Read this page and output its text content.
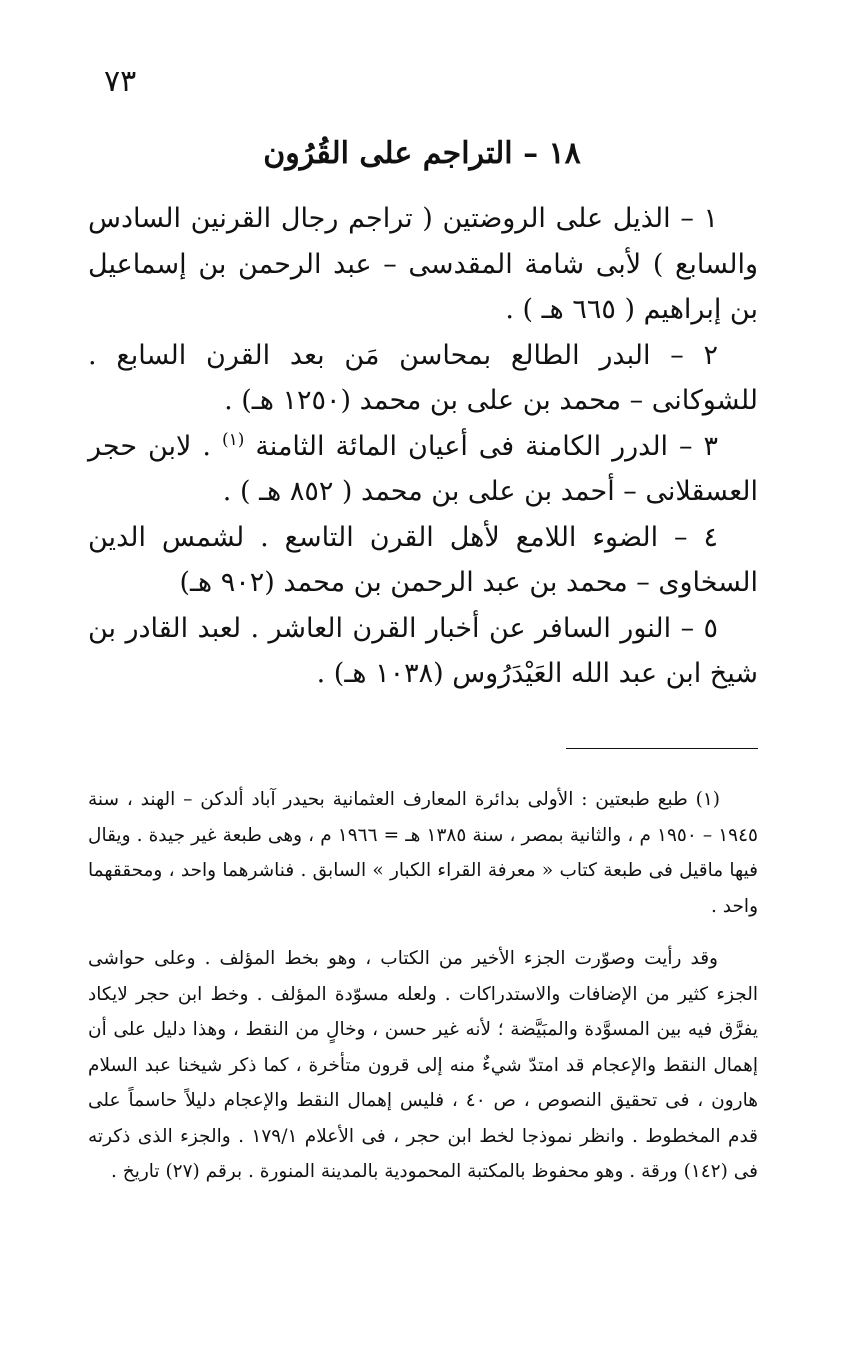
٧٣
١٨ – التراجم على القُرُون

١ – الذيل على الروضتين ( تراجم رجال القرنين السادس والسابع ) لأبى شامة المقدسى – عبد الرحمن بن إسماعيل بن إبراهيم ( ٦٦٥ هـ ) .

٢ – البدر الطالع بمحاسن مَن بعد القرن السابع . للشوكانى – محمد بن على بن محمد (١٢٥٠ هـ) .

٣ – الدرر الكامنة فى أعيان المائة الثامنة $^{(١)}$ . لابن حجر العسقلانى – أحمد بن على بن محمد ( ٨٥٢ هـ ) .

٤ – الضوء اللامع لأهل القرن التاسع . لشمس الدين السخاوى – محمد بن عبد الرحمن بن محمد (٩٠٢ هـ)

٥ – النور السافر عن أخبار القرن العاشر . لعبد القادر بن شيخ ابن عبد الله العَيْدَرُوس (١٠٣٨ هـ) .

(١) طبع طبعتين : الأولى بدائرة المعارف العثمانية بحيدر آباد ألدكن – الهند ، سنة ١٩٤٥ – ١٩٥٠ م ، والثانية بمصر ، سنة ١٣٨٥ هـ = ١٩٦٦ م ، وهى طبعة غير جيدة . ويقال فيها ماقيل فى طبعة كتاب « معرفة القراء الكبار » السابق . فناشرهما واحد ، ومحققهما واحد .

وقد رأيت وصوّرت الجزء الأخير من الكتاب ، وهو بخط المؤلف . وعلى حواشى الجزء كثير من الإضافات والاستدراكات . ولعله مسوّدة المؤلف . وخط ابن حجر لايكاد يفرَّق فيه بين المسوَّدة والمبَيَّضة ؛ لأنه غير حسن ، وخالٍ من النقط ، وهذا دليل على أن إهمال النقط والإعجام قد امتدّ شيءٌ منه إلى قرون متأخرة ، كما ذكر شيخنا عبد السلام هارون ، فى تحقيق النصوص ، ص ٤٠ ، فليس إهمال النقط والإعجام دليلاً حاسماً على قدم المخطوط . وانظر نموذجا لخط ابن حجر ، فى الأعلام ١٧٩/١ . والجزء الذى ذكرته فى (١٤٢) ورقة . وهو محفوظ بالمكتبة المحمودية بالمدينة المنورة . برقم (٢٧) تاريخ .
